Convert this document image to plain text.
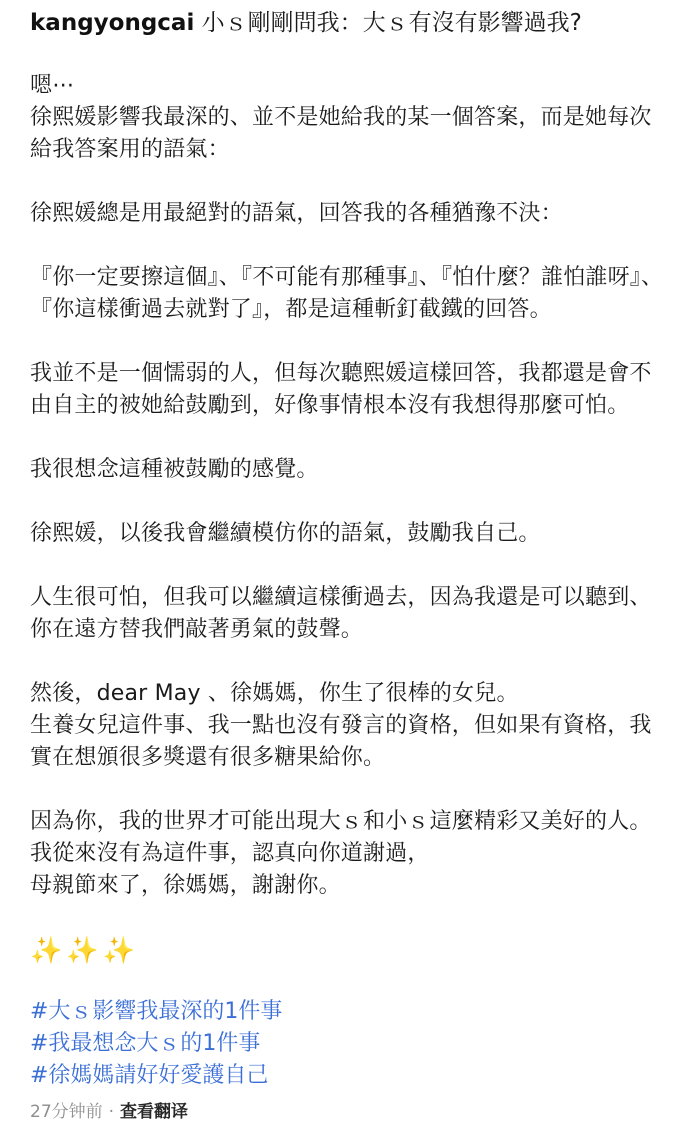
kangyongcai 小ｓ剛剛問我：大ｓ有沒有影響過我?

嗯⋯

徐熙媛影響我最深的、並不是她給我的某一個答案，而是她每次給我答案用的語氣：

徐熙媛總是用最絕對的語氣，回答我的各種猶豫不決：

『你一定要擦這個』、『不可能有那種事』、『怕什麼？誰怕誰呀』、『你這樣衝過去就對了』，都是這種斬釘截鐵的回答。

我並不是一個懦弱的人，但每次聽熙媛這樣回答，我都還是會不由自主的被她給鼓勵到，好像事情根本沒有我想得那麼可怕。

我很想念這種被鼓勵的感覺。

徐熙媛，以後我會繼續模仿你的語氣，鼓勵我自己。

人生很可怕，但我可以繼續這樣衝過去，因為我還是可以聽到、你在遠方替我們敲著勇氣的鼓聲。

然後，dear May 、徐媽媽，你生了很棒的女兒。

生養女兒這件事、我一點也沒有發言的資格，但如果有資格，我實在想頒很多獎還有很多糖果給你。

因為你，我的世界才可能出現大ｓ和小ｓ這麼精彩又美好的人。我從來沒有為這件事，認真向你道謝過，

母親節來了，徐媽媽，謝謝你。

✨✨✨

#大ｓ影響我最深的1件事
#我最想念大ｓ的1件事
#徐媽媽請好好愛護自己
27分钟前 · 查看翻译
